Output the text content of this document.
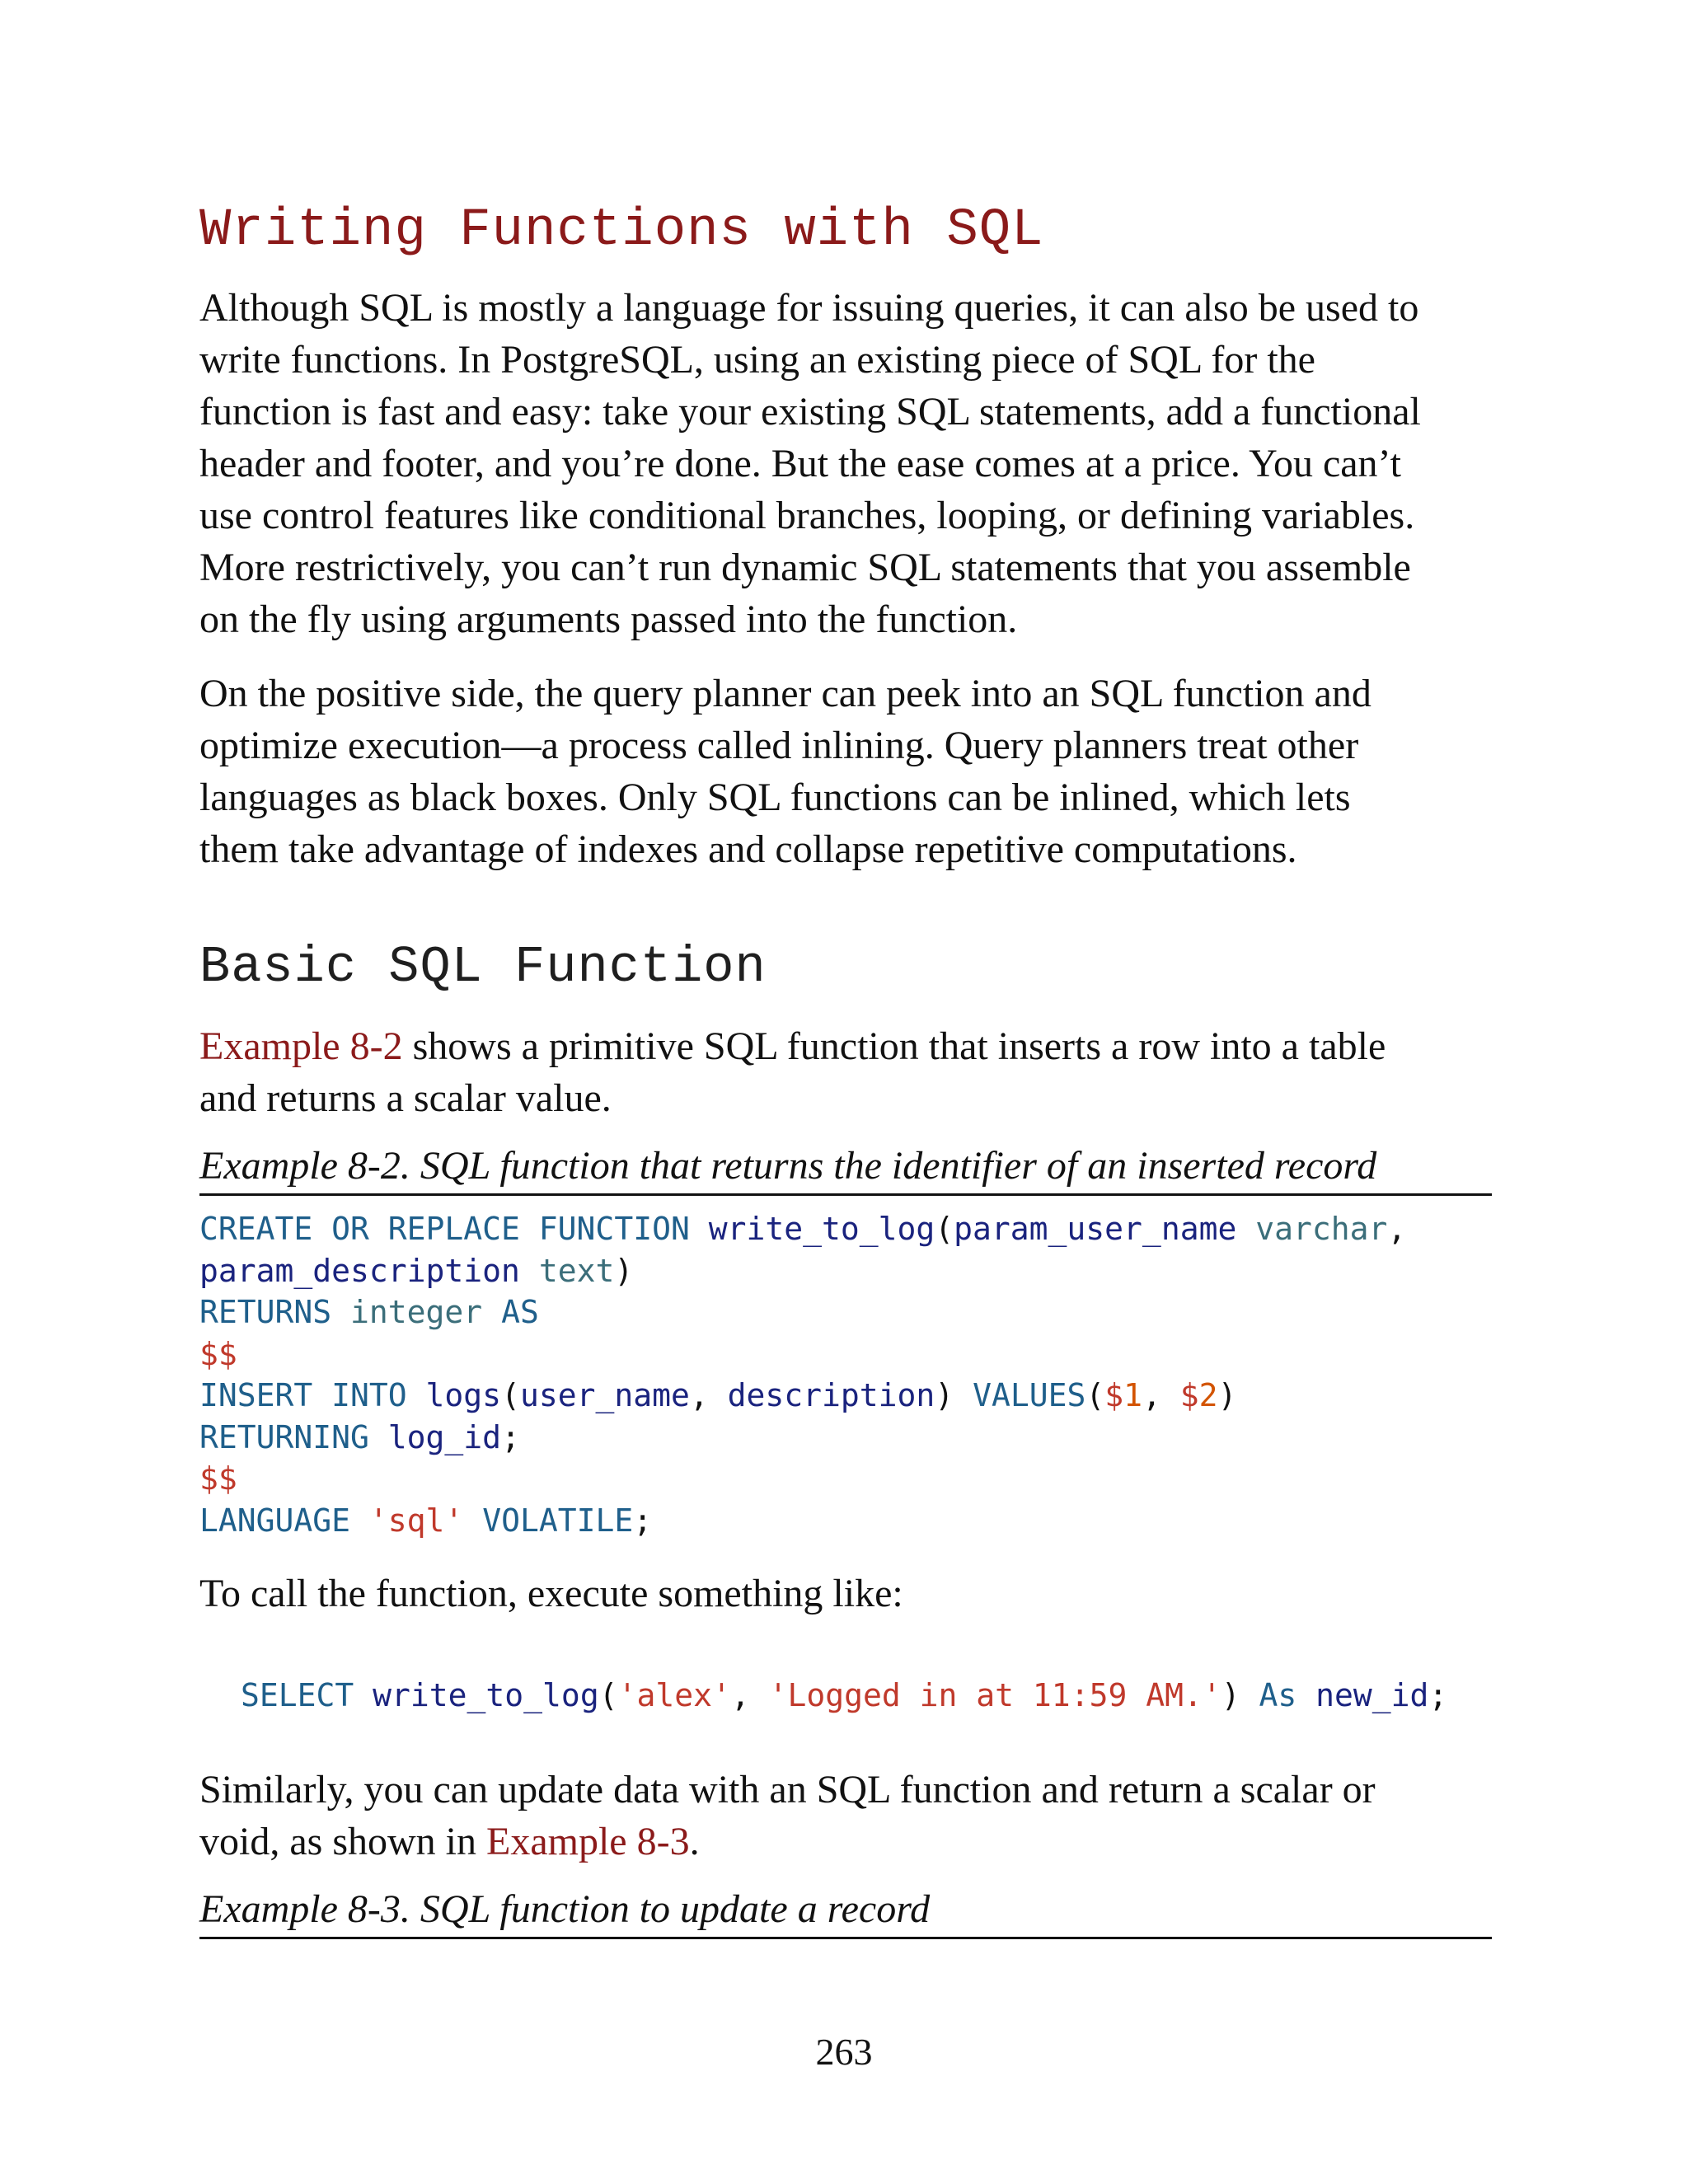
Writing Functions with SQL

Although SQL is mostly a language for issuing queries, it can also be used to
write functions. In PostgreSQL, using an existing piece of SQL for the
function is fast and easy: take your existing SQL statements, add a functional
header and footer, and you’re done. But the ease comes at a price. You can’t
use control features like conditional branches, looping, or defining variables.
More restrictively, you can’t run dynamic SQL statements that you assemble
on the fly using arguments passed into the function.

On the positive side, the query planner can peek into an SQL function and
optimize execution—a process called inlining. Query planners treat other
languages as black boxes. Only SQL functions can be inlined, which lets
them take advantage of indexes and collapse repetitive computations.

Basic SQL Function

Example 8-2 shows a primitive SQL function that inserts a row into a table
and returns a scalar value.

Example 8-2. SQL function that returns the identifier of an inserted record
CREATE OR REPLACE FUNCTION write_to_log(param_user_name varchar,
param_description text)
RETURNS integer AS
$$
INSERT INTO logs(user_name, description) VALUES($1, $2)
RETURNING log_id;
$$
LANGUAGE 'sql' VOLATILE;

To call the function, execute something like:

SELECT write_to_log('alex', 'Logged in at 11:59 AM.') As new_id;

Similarly, you can update data with an SQL function and return a scalar or
void, as shown in Example 8-3.

Example 8-3. SQL function to update a record
263
